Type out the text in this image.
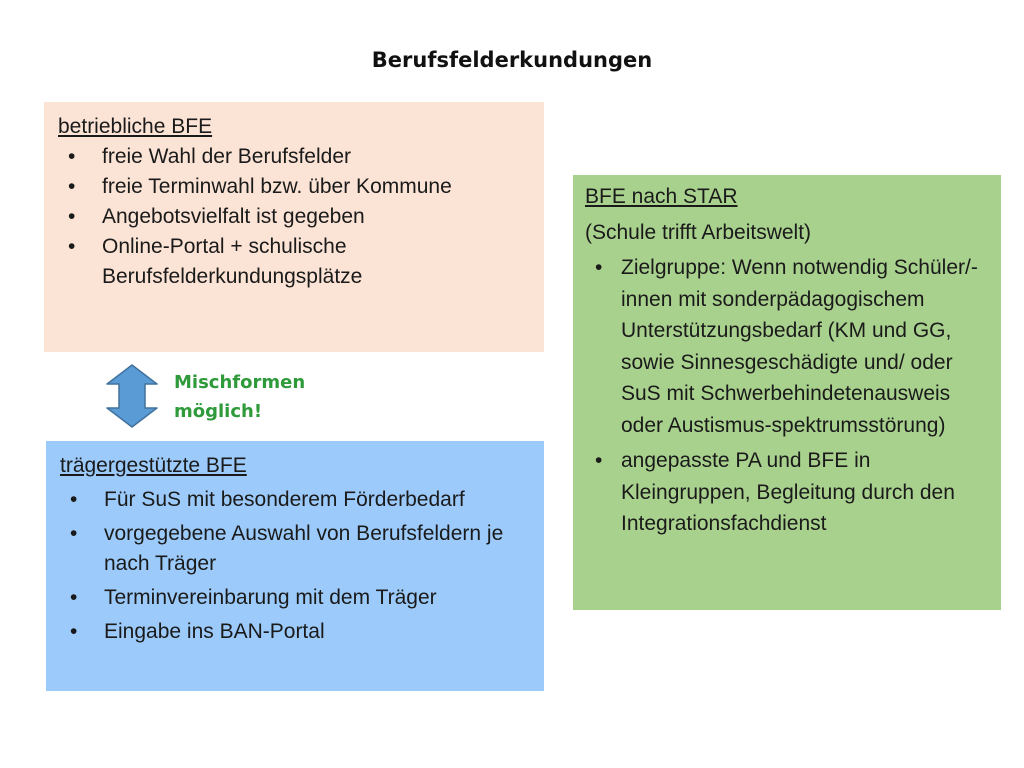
Berufsfelderkundungen
betriebliche BFE
• freie Wahl der Berufsfelder
• freie Terminwahl bzw. über Kommune
• Angebotsvielfalt ist gegeben
• Online-Portal + schulische Berufsfelderkundungsplätze
Mischformen
möglich!
trägergestützte BFE
• Für SuS mit besonderem Förderbedarf
• vorgegebene Auswahl von Berufsfeldern je nach Träger
• Terminvereinbarung mit dem Träger
• Eingabe ins BAN-Portal
BFE nach STAR
(Schule trifft Arbeitswelt)
• Zielgruppe: Wenn notwendig Schüler/-innen mit sonderpädagogischem Unterstützungsbedarf (KM und GG, sowie Sinnesgeschädigte und/ oder SuS mit Schwerbehindetenausweis oder Austismus-spektrumsstörung)
• angepasste PA und BFE in Kleingruppen, Begleitung durch den Integrationsfachdienst
